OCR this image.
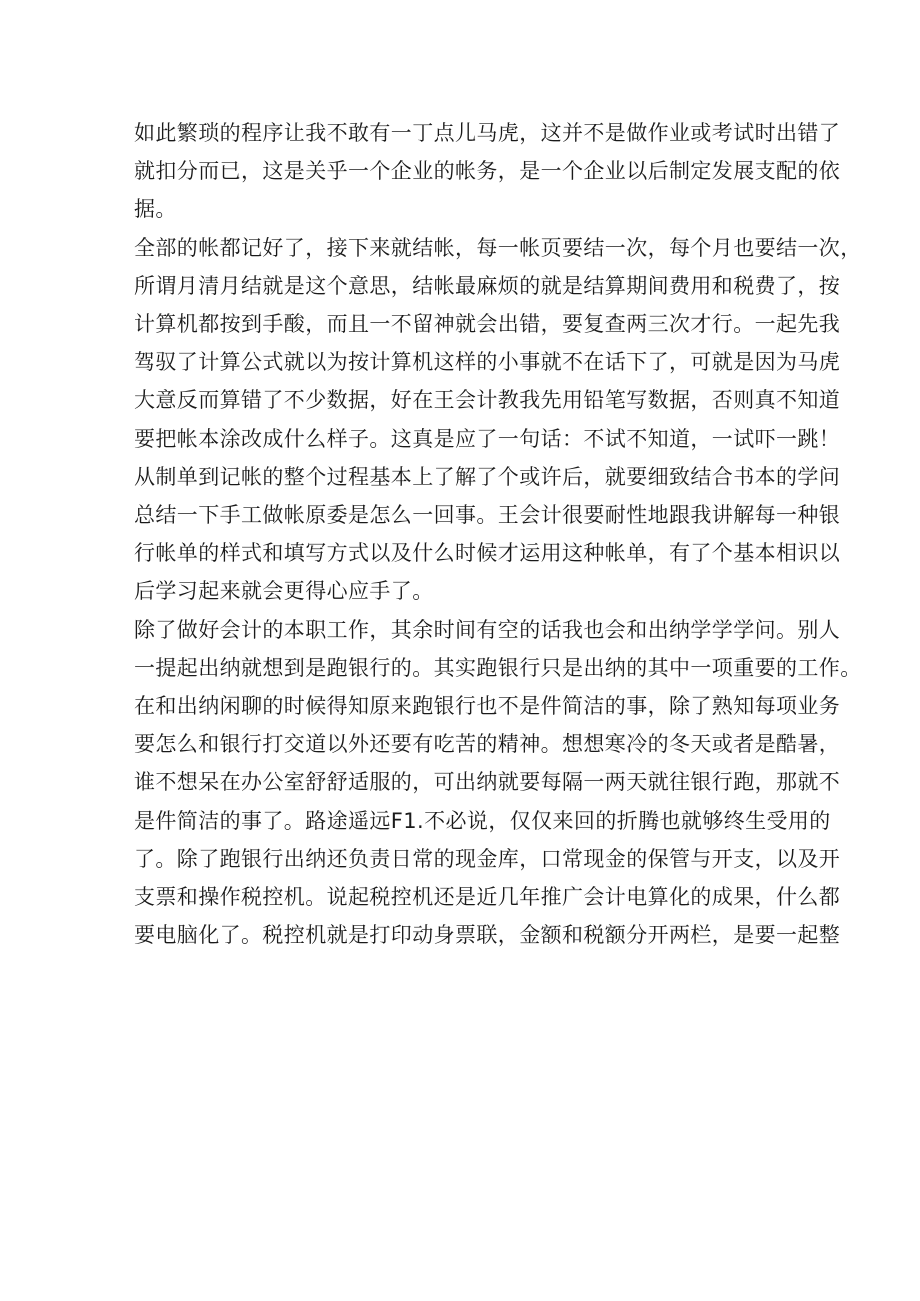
如此繁琐的程序让我不敢有一丁点儿马虎，这并不是做作业或考试时出错了
就扣分而已，这是关乎一个企业的帐务，是一个企业以后制定发展支配的依
据。

全部的帐都记好了，接下来就结帐，每一帐页要结一次，每个月也要结一次，
所谓月清月结就是这个意思，结帐最麻烦的就是结算期间费用和税费了，按
计算机都按到手酸，而且一不留神就会出错，要复查两三次才行。一起先我
驾驭了计算公式就以为按计算机这样的小事就不在话下了，可就是因为马虎
大意反而算错了不少数据，好在王会计教我先用铅笔写数据，否则真不知道
要把帐本涂改成什么样子。这真是应了一句话：不试不知道，一试吓一跳！
从制单到记帐的整个过程基本上了解了个或许后，就要细致结合书本的学问
总结一下手工做帐原委是怎么一回事。王会计很要耐性地跟我讲解每一种银
行帐单的样式和填写方式以及什么时候才运用这种帐单，有了个基本相识以
后学习起来就会更得心应手了。

除了做好会计的本职工作，其余时间有空的话我也会和出纳学学学问。别人
一提起出纳就想到是跑银行的。其实跑银行只是出纳的其中一项重要的工作。
在和出纳闲聊的时候得知原来跑银行也不是件简洁的事，除了熟知每项业务
要怎么和银行打交道以外还要有吃苦的精神。想想寒冷的冬天或者是酷暑，
谁不想呆在办公室舒舒适服的，可出纳就要每隔一两天就往银行跑，那就不
是件简洁的事了。路途遥远F1.不必说，仅仅来回的折腾也就够终生受用的
了。除了跑银行出纳还负责日常的现金库，口常现金的保管与开支，以及开
支票和操作税控机。说起税控机还是近几年推广会计电算化的成果，什么都
要电脑化了。税控机就是打印动身票联，金额和税额分开两栏，是要一起整
